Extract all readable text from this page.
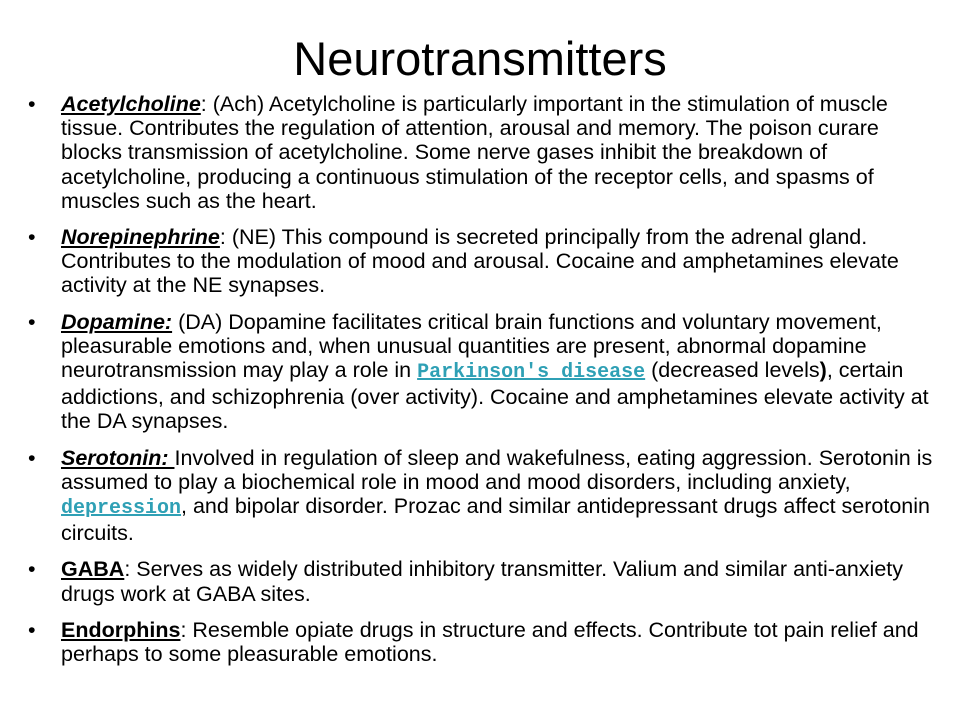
Neurotransmitters
• Acetylcholine: (Ach) Acetylcholine is particularly important in the stimulation of muscle tissue. Contributes the regulation of attention, arousal and memory. The poison curare blocks transmission of acetylcholine. Some nerve gases inhibit the breakdown of acetylcholine, producing a continuous stimulation of the receptor cells, and spasms of muscles such as the heart.
• Norepinephrine: (NE) This compound is secreted principally from the adrenal gland. Contributes to the modulation of mood and arousal. Cocaine and amphetamines elevate activity at the NE synapses.
• Dopamine: (DA) Dopamine facilitates critical brain functions and voluntary movement, pleasurable emotions and, when unusual quantities are present, abnormal dopamine neurotransmission may play a role in Parkinson's disease (decreased levels), certain addictions, and schizophrenia (over activity). Cocaine and amphetamines elevate activity at the DA synapses.
• Serotonin: Involved in regulation of sleep and wakefulness, eating aggression. Serotonin is assumed to play a biochemical role in mood and mood disorders, including anxiety, depression, and bipolar disorder. Prozac and similar antidepressant drugs affect serotonin circuits.
• GABA: Serves as widely distributed inhibitory transmitter. Valium and similar anti-anxiety drugs work at GABA sites.
• Endorphins: Resemble opiate drugs in structure and effects. Contribute tot pain relief and perhaps to some pleasurable emotions.
